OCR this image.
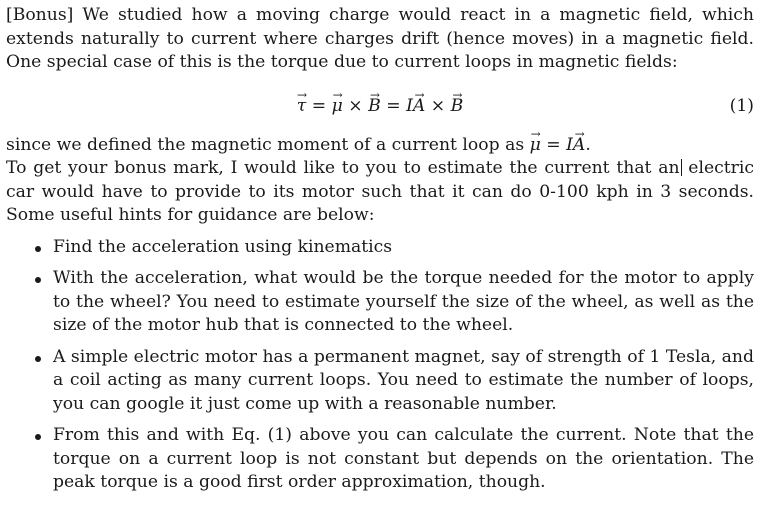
[Bonus] We studied how a moving charge would react in a magnetic field, which extends naturally to current where charges drift (hence moves) in a magnetic field. One special case of this is the torque due to current loops in magnetic fields:

→ τ = → μ × → B = I→ A × → B	(1)

since we defined the magnetic moment of a current loop as → μ = I→ A.

To get your bonus mark, I would like to you to estimate the current that an electric car would have to provide to its motor such that it can do 0-100 kph in 3 seconds. Some useful hints for guidance are below:

Find the acceleration using kinematics
With the acceleration, what would be the torque needed for the motor to apply to the wheel? You need to estimate yourself the size of the wheel, as well as the size of the motor hub that is connected to the wheel.
A simple electric motor has a permanent magnet, say of strength of 1 Tesla, and a coil acting as many current loops. You need to estimate the number of loops, you can google it just come up with a reasonable number.
From this and with Eq. (1) above you can calculate the current. Note that the torque on a current loop is not constant but depends on the orientation. The peak torque is a good first order approximation, though.
